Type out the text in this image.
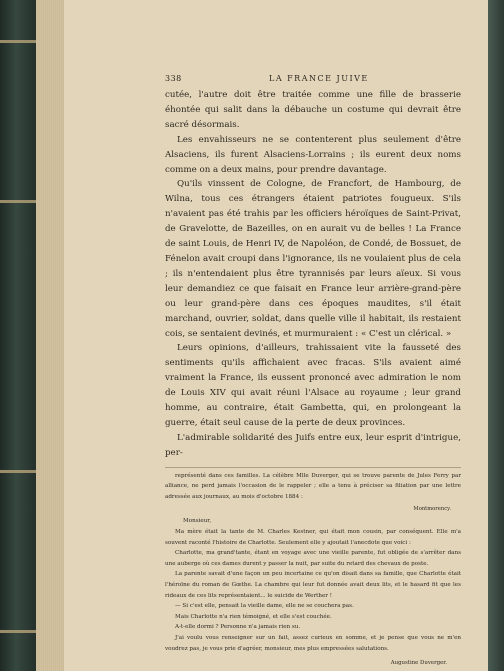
338	LA FRANCE JUIVE

cutée, l'autre doit être traitée comme une fille de brasserie éhontée qui salit dans la débauche un costume qui devrait être sacré désormais.

Les envahisseurs ne se contenterent plus seulement d'être Alsaciens, ils furent Alsaciens-Lorrains ; ils eurent deux noms comme on a deux mains, pour prendre davantage.

Qu'ils vinssent de Cologne, de Francfort, de Hambourg, de Wilna, tous ces étrangers étaient patriotes fougueux. S'ils n'avaient pas été trahis par les officiers héroïques de Saint-Privat, de Gravelotte, de Bazeilles, on en aurait vu de belles ! La France de saint Louis, de Henri IV, de Napoléon, de Condé, de Bossuet, de Fénelon avait croupi dans l'ignorance, ils ne voulaient plus de cela ; ils n'entendaient plus être tyrannisés par leurs aïeux. Si vous leur demandiez ce que faisait en France leur arrière-grand-père ou leur grand-père dans ces époques maudites, s'il était marchand, ouvrier, soldat, dans quelle ville il habitait, ils restaient cois, se sentaient devinés, et murmuraient : « C'est un clérical. »

Leurs opinions, d'ailleurs, trahissaient vite la fausseté des sentiments qu'ils affichaient avec fracas. S'ils avaient aimé vraiment la France, ils eussent prononcé avec admiration le nom de Louis XIV qui avait réuni l'Alsace au royaume ; leur grand homme, au contraire, était Gambetta, qui, en prolongeant la guerre, était seul cause de la perte de deux provinces.

L'admirable solidarité des Juifs entre eux, leur esprit d'intrigue, per-

représenté dans ces familles. La célèbre Mlle Duverger, qui se trouve parente de Jules Ferry par alliance, ne perd jamais l'occasion de le rappeler ; elle a tenu à préciser sa filiation par une lettre adressée aux journaux, au mois d'octobre 1884 :

Montmorency.

Monsieur,

Ma mère était la tante de M. Charles Kestner, qui était mon cousin, par conséquent. Elle m'a souvent raconté l'histoire de Charlotte. Seulement elle y ajoutait l'anecdote que voici :

Charlotte, ma grand'tante, étant en voyage avec une vieille parente, fut obligée de s'arrêter dans une auberge où ces dames durent y passer la nuit, par suite du retard des chevaux de poste.

La parente savait d'une façon un peu incertaine ce qu'on disait dans sa famille, que Charlotte était l'héroïne du roman de Gœthe. La chambre qui leur fut donnée avait deux lits, et le hasard fit que les rideaux de ces lits représentaient... le suicide de Werther !

— Si c'est elle, pensait la vieille dame, elle ne se couchera pas.

Mais Charlotte n'a rien témoigné, et elle s'est couchée.

A-t-elle dormi ? Personne n'a jamais rien su.

J'ai voulu vous renseigner sur un fait, assez curieux en somme, et je pense que vous ne m'en voudrez pas, je vous prie d'agréer, monsieur, mes plus empressées salutations.

Augustine Duverger.
